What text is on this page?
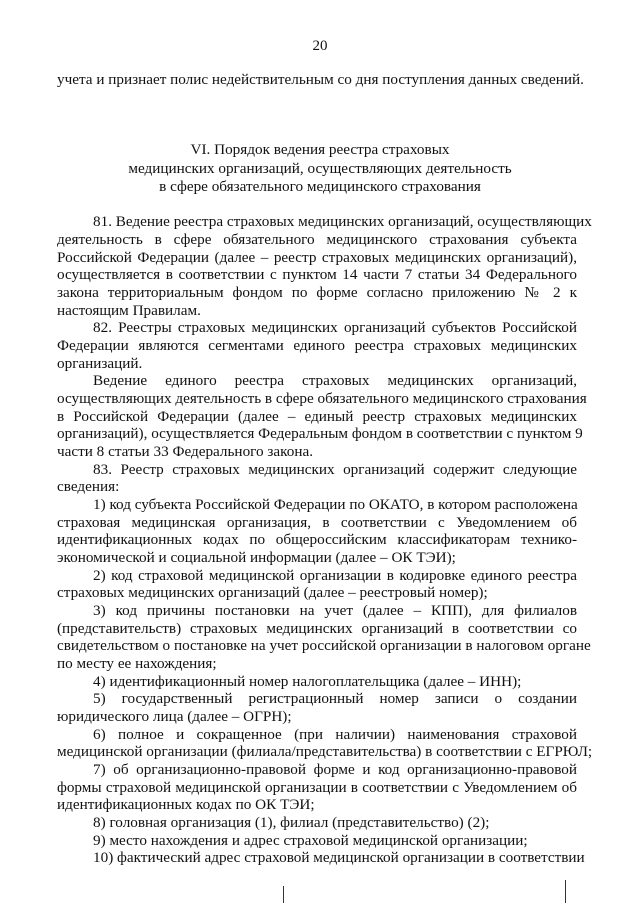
20
учета и признает полис недействительным со дня поступления данных сведений.
81. Ведение реестра страховых медицинских организаций, осуществляющих
деятельность в сфере обязательного медицинского страхования субъекта
Российской Федерации (далее – реестр страховых медицинских организаций),
осуществляется в соответствии с пунктом 14 части 7 статьи 34 Федерального
закона территориальным фондом по форме согласно приложению № 2 к
настоящим Правилам.
82. Реестры страховых медицинских организаций субъектов Российской
Федерации являются сегментами единого реестра страховых медицинских
организаций.
Ведение единого реестра страховых медицинских организаций,
осуществляющих деятельность в сфере обязательного медицинского страхования
в Российской Федерации (далее – единый реестр страховых медицинских
организаций), осуществляется Федеральным фондом в соответствии с пунктом 9
части 8 статьи 33 Федерального закона.
83. Реестр страховых медицинских организаций содержит следующие
сведения:
1) код субъекта Российской Федерации по ОКАТО, в котором расположена
страховая медицинская организация, в соответствии с Уведомлением об
идентификационных кодах по общероссийским классификаторам технико-
экономической и социальной информации (далее – ОК ТЭИ);
2) код страховой медицинской организации в кодировке единого реестра
страховых медицинских организаций (далее – реестровый номер);
3) код причины постановки на учет (далее – КПП), для филиалов
(представительств) страховых медицинских организаций в соответствии со
свидетельством о постановке на учет российской организации в налоговом органе
по месту ее нахождения;
4) идентификационный номер налогоплательщика (далее – ИНН);
5) государственный регистрационный номер записи о создании
юридического лица (далее – ОГРН);
6) полное и сокращенное (при наличии) наименования страховой
медицинской организации (филиала/представительства) в соответствии с ЕГРЮЛ;
7) об организационно-правовой форме и код организационно-правовой
формы страховой медицинской организации в соответствии с Уведомлением об
идентификационных кодах по ОК ТЭИ;
8) головная организация (1), филиал (представительство) (2);
9) место нахождения и адрес страховой медицинской организации;
10) фактический адрес страховой медицинской организации в соответствии
VI. Порядок ведения реестра страховых
медицинских организаций, осуществляющих деятельность
в сфере обязательного медицинского страхования
